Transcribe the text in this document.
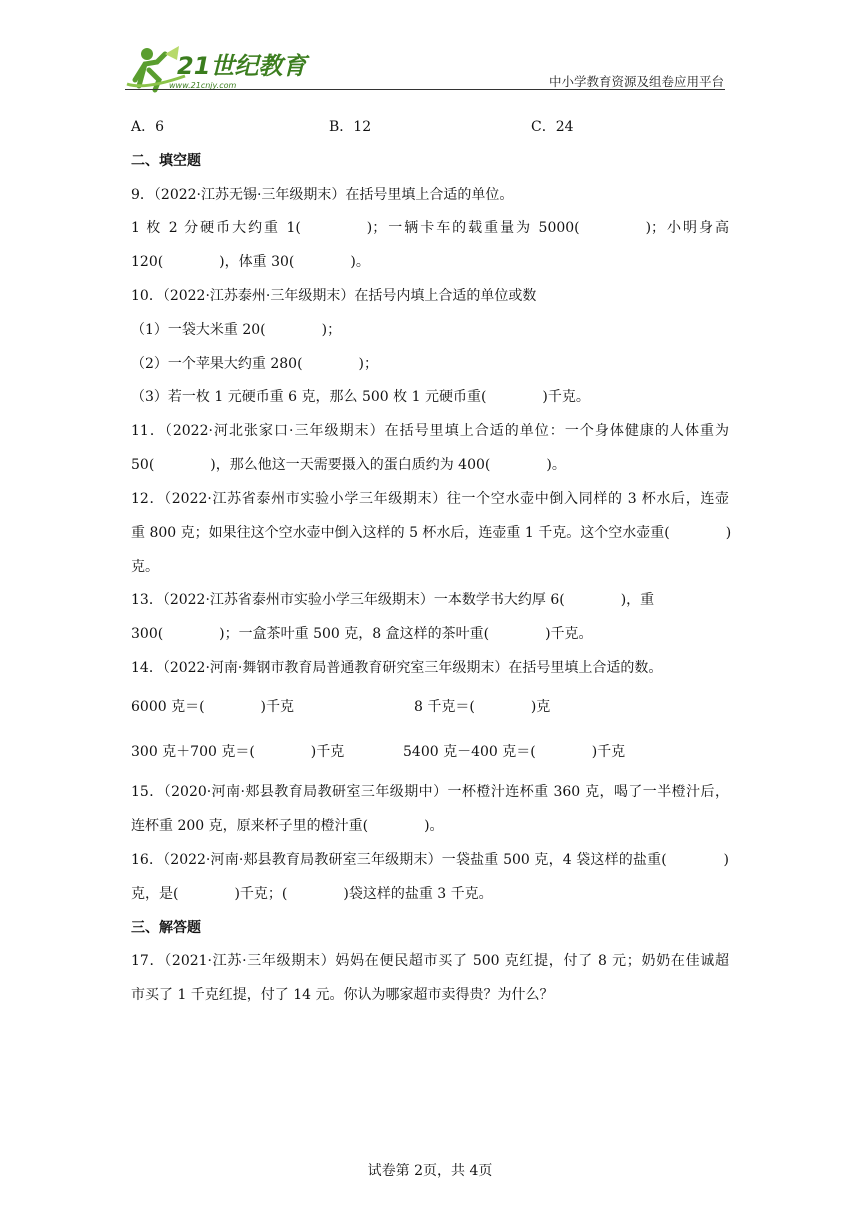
21世纪教育
www.21cnjy.com	中小学教育资源及组卷应用平台
A．6	B．12	C．24
二、填空题
9．（2022·江苏无锡·三年级期末）在括号里填上合适的单位。
1 枚 2 分硬币大约重 1(　　　　)；一辆卡车的载重量为 5000(　　　　)；小明身高
120(　　　　)，体重 30(　　　　)。
10．（2022·江苏泰州·三年级期末）在括号内填上合适的单位或数
（1）一袋大米重 20(　　　　)；
（2）一个苹果大约重 280(　　　　)；
（3）若一枚 1 元硬币重 6 克，那么 500 枚 1 元硬币重(　　　　)千克。
11．（2022·河北张家口·三年级期末）在括号里填上合适的单位：一个身体健康的人体重为
50(　　　　)，那么他这一天需要摄入的蛋白质约为 400(　　　　)。
12．（2022·江苏省泰州市实验小学三年级期末）往一个空水壶中倒入同样的 3 杯水后，连壶
重 800 克；如果往这个空水壶中倒入这样的 5 杯水后，连壶重 1 千克。这个空水壶重(　　　　)
克。
13．（2022·江苏省泰州市实验小学三年级期末）一本数学书大约厚 6(　　　　)，重
300(　　　　)；一盒茶叶重 500 克，8 盒这样的茶叶重(　　　　)千克。
14．（2022·河南·舞钢市教育局普通教育研究室三年级期末）在括号里填上合适的数。
6000 克＝(　　　　)千克	8 千克＝(　　　　)克
300 克＋700 克＝(　　　　)千克	5400 克－400 克＝(　　　　)千克
15．（2020·河南·郏县教育局教研室三年级期中）一杯橙汁连杯重 360 克，喝了一半橙汁后，
连杯重 200 克，原来杯子里的橙汁重(　　　　)。
16．（2022·河南·郏县教育局教研室三年级期末）一袋盐重 500 克，4 袋这样的盐重(　　　　)
克，是(　　　　)千克；(　　　　)袋这样的盐重 3 千克。
三、解答题
17．（2021·江苏·三年级期末）妈妈在便民超市买了 500 克红提，付了 8 元；奶奶在佳诚超
市买了 1 千克红提，付了 14 元。你认为哪家超市卖得贵？为什么？
试卷第 2页，共 4页
